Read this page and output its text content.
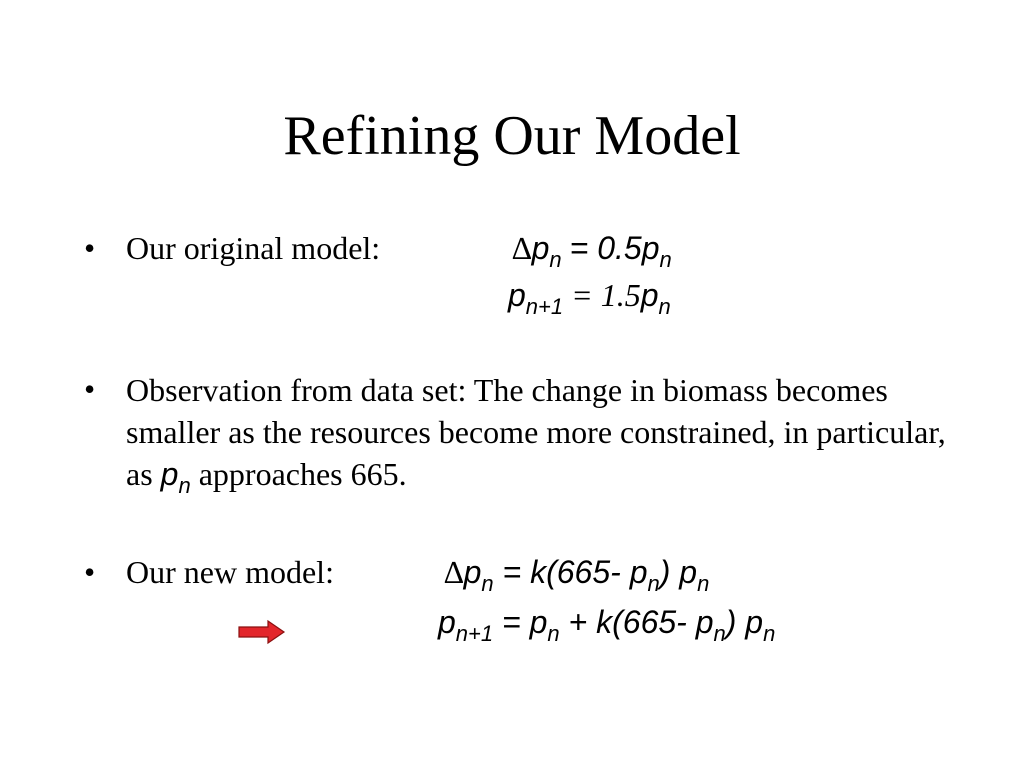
Refining Our Model
• Our original model:	$\Delta p_n = 0.5p_n$
$p_{n+1} = 1.5p_n$
• Observation from data set: The change in biomass becomes smaller as the resources become more constrained, in particular, as $p_n$ approaches 665.
• Our new model:	$\Delta p_n = k(665-$ $p_n$) $p_n$
$p_{n+1} = p_n + k(665-$ $p_n$) $p_n$
